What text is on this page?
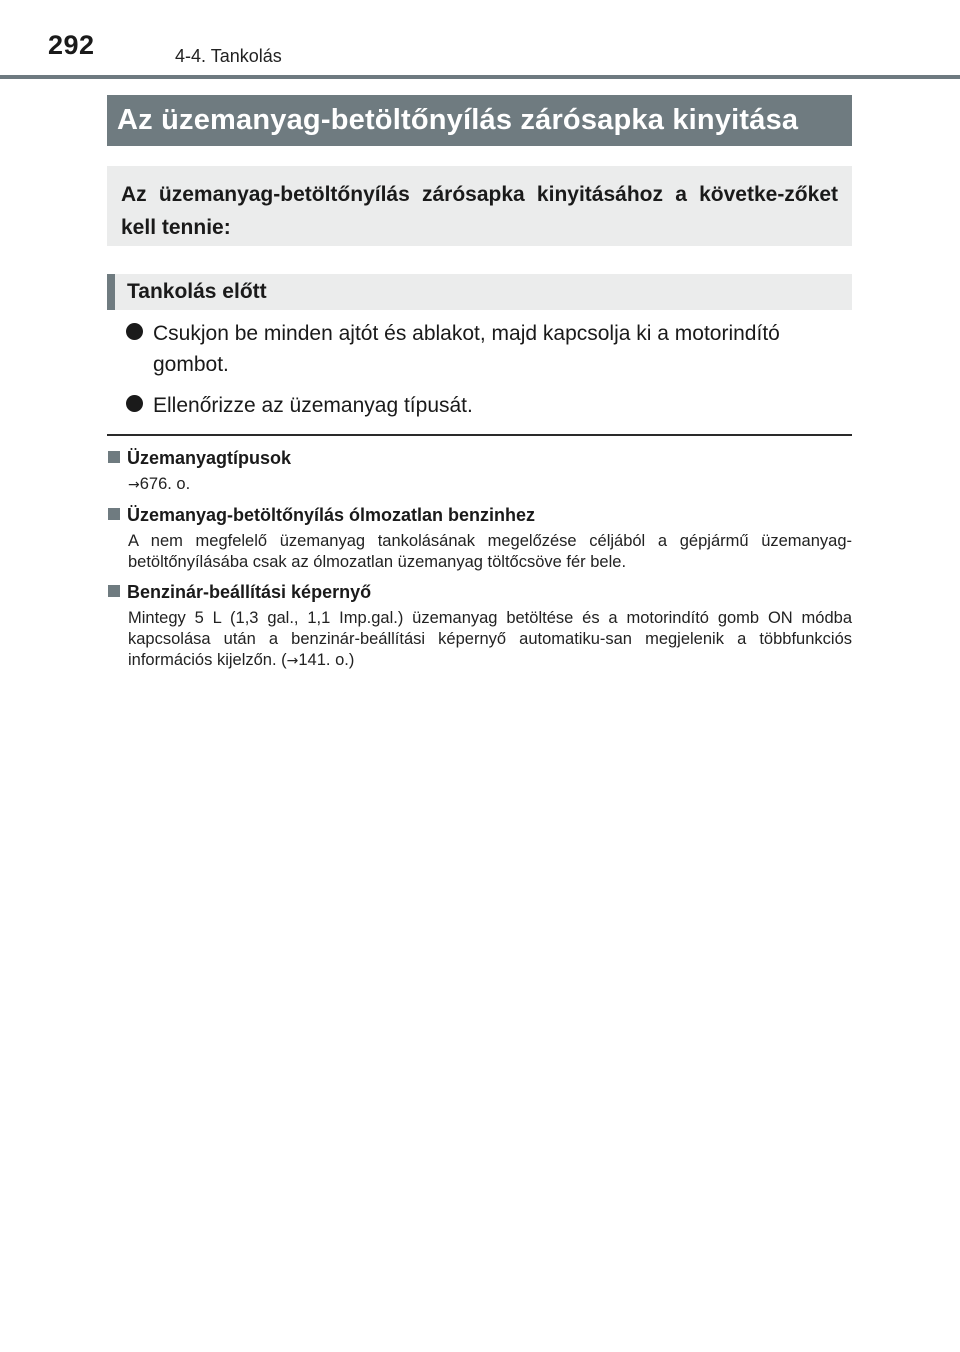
292	4-4. Tankolás
Az üzemanyag-betöltőnyílás zárósapka kinyitása
Az üzemanyag-betöltőnyílás zárósapka kinyitásához a követke-zőket kell tennie:
Tankolás előtt
Csukjon be minden ajtót és ablakot, majd kapcsolja ki a motorindító gombot.
Ellenőrizze az üzemanyag típusát.
Üzemanyagtípusok
→676. o.
Üzemanyag-betöltőnyílás ólmozatlan benzinhez
A nem megfelelő üzemanyag tankolásának megelőzése céljából a gépjármű üzemanyag-betöltőnyílásába csak az ólmozatlan üzemanyag töltőcsöve fér bele.
Benzinár-beállítási képernyő
Mintegy 5 L (1,3 gal., 1,1 Imp.gal.) üzemanyag betöltése és a motorindító gomb ON módba kapcsolása után a benzinár-beállítási képernyő automatiku-san megjelenik a többfunkciós információs kijelzőn. (→141. o.)
